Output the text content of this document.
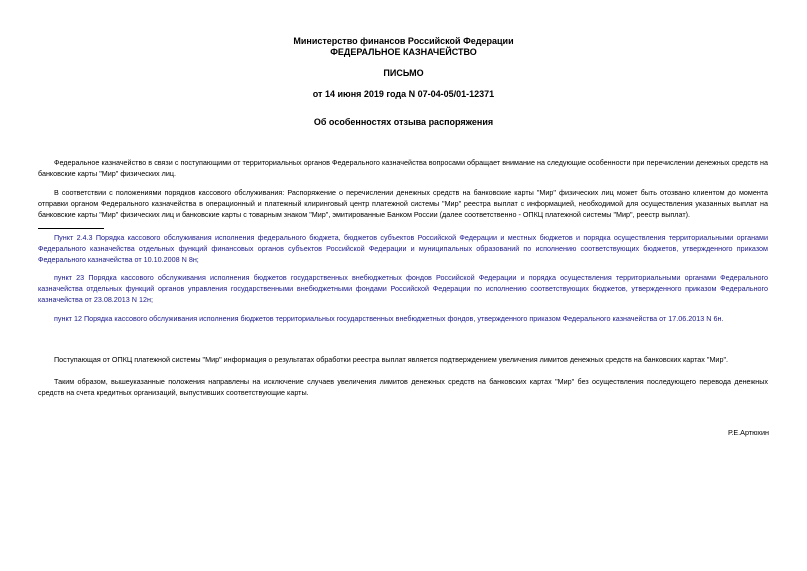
Министерство финансов Российской Федерации
ФЕДЕРАЛЬНОЕ КАЗНАЧЕЙСТВО
ПИСЬМО
от 14 июня 2019 года N 07-04-05/01-12371
Об особенностях отзыва распоряжения
Федеральное казначейство в связи с поступающими от территориальных органов Федерального казначейства вопросами обращает внимание на следующие особенности при перечислении денежных средств на банковские карты "Мир" физических лиц.
В соответствии с положениями порядков кассового обслуживания: Распоряжение о перечислении денежных средств на банковские карты "Мир" физических лиц может быть отозвано клиентом до момента отправки органом Федерального казначейства в операционный и платежный клиринговый центр платежной системы "Мир" реестра выплат с информацией, необходимой для осуществления указанных выплат на банковские карты "Мир" физических лиц и банковские карты с товарным знаком "Мир", эмитированные Банком России (далее соответственно - ОПКЦ платежной системы "Мир", реестр выплат).
Пункт 2.4.3 Порядка кассового обслуживания исполнения федерального бюджета, бюджетов субъектов Российской Федерации и местных бюджетов и порядка осуществления территориальными органами Федерального казначейства отдельных функций финансовых органов субъектов Российской Федерации и муниципальных образований по исполнению соответствующих бюджетов, утвержденного приказом Федерального казначейства от 10.10.2008 N 8н;
пункт 23 Порядка кассового обслуживания исполнения бюджетов государственных внебюджетных фондов Российской Федерации и порядка осуществления территориальными органами Федерального казначейства отдельных функций органов управления государственными внебюджетными фондами Российской Федерации по исполнению соответствующих бюджетов, утвержденного приказом Федерального казначейства от 23.08.2013 N 12н;
пункт 12 Порядка кассового обслуживания исполнения бюджетов территориальных государственных внебюджетных фондов, утвержденного приказом Федерального казначейства от 17.06.2013 N 6н.
Поступающая от ОПКЦ платежной системы "Мир" информация о результатах обработки реестра выплат является подтверждением увеличения лимитов денежных средств на банковских картах "Мир".
Таким образом, вышеуказанные положения направлены на исключение случаев увеличения лимитов денежных средств на банковских картах "Мир" без осуществления последующего перевода денежных средств на счета кредитных организаций, выпустивших соответствующие карты.
Р.Е.Артюхин
